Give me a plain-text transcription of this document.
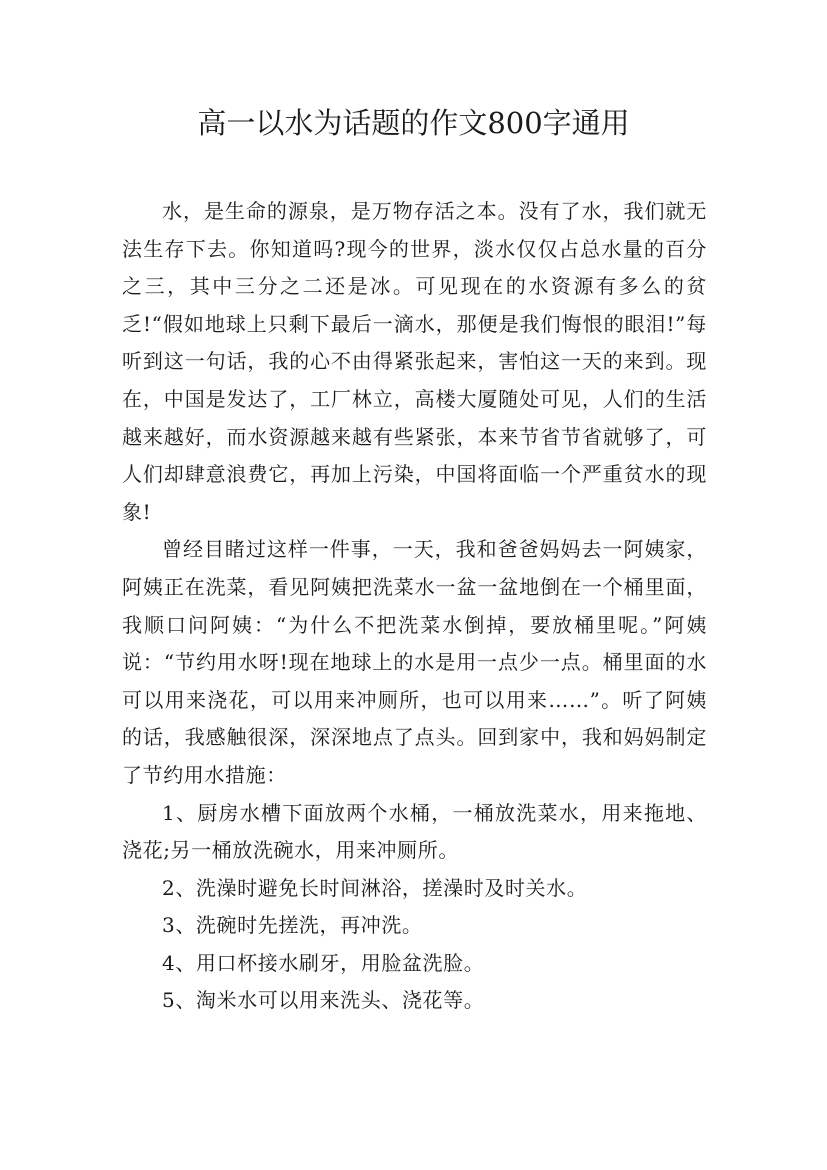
高一以水为话题的作文800字通用

水，是生命的源泉，是万物存活之本。没有了水，我们就无法生存下去。你知道吗?现今的世界，淡水仅仅占总水量的百分之三，其中三分之二还是冰。可见现在的水资源有多么的贫乏!“假如地球上只剩下最后一滴水，那便是我们悔恨的眼泪!”每听到这一句话，我的心不由得紧张起来，害怕这一天的来到。现在，中国是发达了，工厂林立，高楼大厦随处可见，人们的生活越来越好，而水资源越来越有些紧张，本来节省节省就够了，可人们却肆意浪费它，再加上污染，中国将面临一个严重贫水的现象!

曾经目睹过这样一件事，一天，我和爸爸妈妈去一阿姨家，阿姨正在洗菜，看见阿姨把洗菜水一盆一盆地倒在一个桶里面，我顺口问阿姨：“为什么不把洗菜水倒掉，要放桶里呢。”阿姨说：“节约用水呀!现在地球上的水是用一点少一点。桶里面的水可以用来浇花，可以用来冲厕所，也可以用来……”。听了阿姨的话，我感触很深，深深地点了点头。回到家中，我和妈妈制定了节约用水措施：

1、厨房水槽下面放两个水桶，一桶放洗菜水，用来拖地、浇花;另一桶放洗碗水，用来冲厕所。

2、洗澡时避免长时间淋浴，搓澡时及时关水。

3、洗碗时先搓洗，再冲洗。

4、用口杯接水刷牙，用脸盆洗脸。

5、淘米水可以用来洗头、浇花等。
